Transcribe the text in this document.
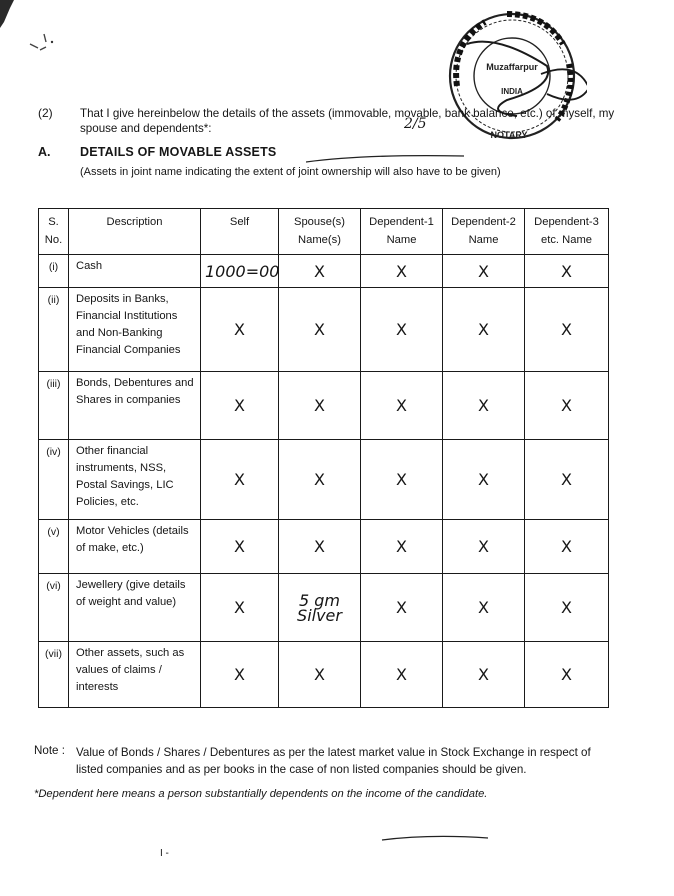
Muzaffarpur
INDIA
NOTARY
2/5
(2) That I give hereinbelow the details of the assets (immovable, movable, bank balance, etc.) of myself, my spouse and dependents*:
A. DETAILS OF MOVABLE ASSETS
(Assets in joint name indicating the extent of joint ownership will also have to be given)
S. No.	Description	Self	Spouse(s) Name(s)	Dependent-1 Name	Dependent-2 Name	Dependent-3 etc. Name
(i)	Cash	1000=00	X	X	X	X
(ii)	Deposits in Banks, Financial Institutions and Non-Banking Financial Companies	X	X	X	X	X
(iii)	Bonds, Debentures and Shares in companies	X	X	X	X	X
(iv)	Other financial instruments, NSS, Postal Savings, LIC Policies, etc.	X	X	X	X	X
(v)	Motor Vehicles (details of make, etc.)	X	X	X	X	X
(vi)	Jewellery (give details of weight and value)	X	5 gm Silver	X	X	X
(vii)	Other assets, such as values of claims / interests	X	X	X	X	X
Note : Value of Bonds / Shares / Debentures as per the latest market value in Stock Exchange in respect of listed companies and as per books in the case of non listed companies should be given.
*Dependent here means a person substantially dependents on the income of the candidate.
I -
